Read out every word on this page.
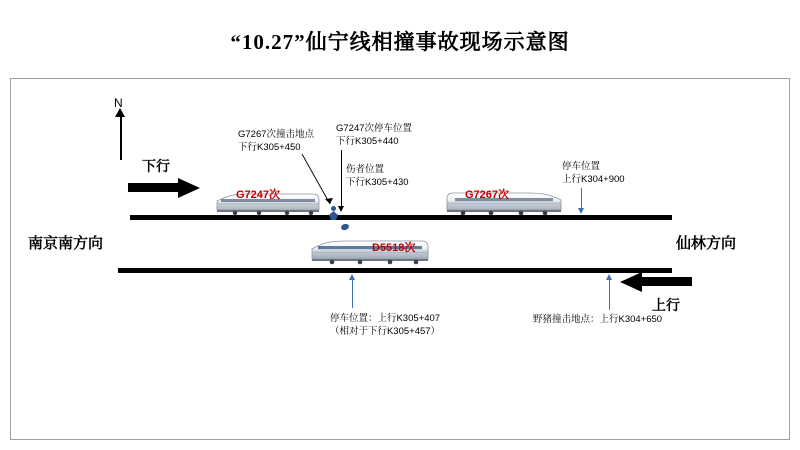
“10.27”仙宁线相撞事故现场示意图
N
南京南方向	仙林方向
下行
上行
G7247次	G7267次
D5518次
G7267次撞击地点
下行K305+450
G7247次停车位置
下行K305+440
伤者位置
下行K305+430
停车位置
上行K304+900
停车位置：上行K305+407
（相对于下行K305+457）
野猪撞击地点：上行K304+650
